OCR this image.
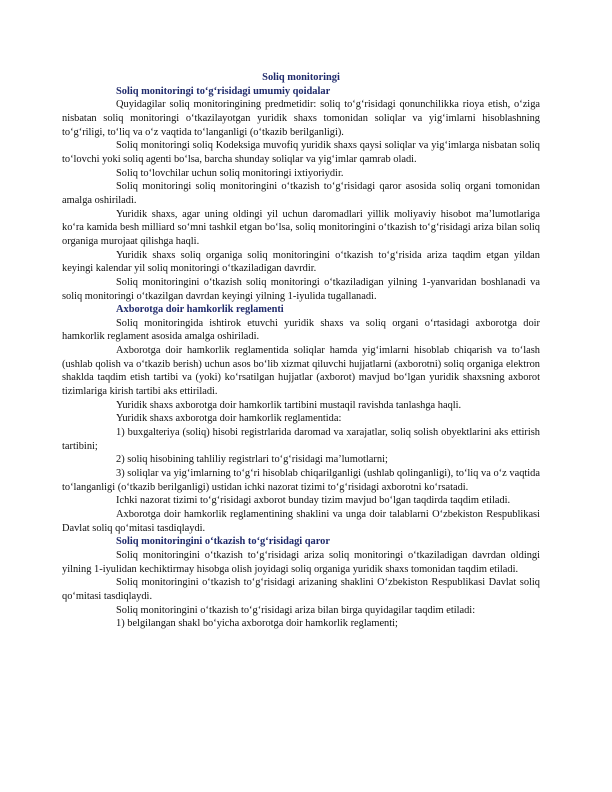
Soliq monitoringi
Soliq monitoringi to‘g‘risidagi umumiy qoidalar
Quyidagilar soliq monitoringining predmetidir: soliq to‘g‘risidagi qonunchilikka rioya etish, o‘ziga nisbatan soliq monitoringi o‘tkazilayotgan yuridik shaxs tomonidan soliqlar va yig‘imlarni hisoblashning to‘g‘riligi, to‘liq va o‘z vaqtida to‘langanligi (o‘tkazib berilganligi).
Soliq monitoringi soliq Kodeksiga muvofiq yuridik shaxs qaysi soliqlar va yig‘imlarga nisbatan soliq to‘lovchi yoki soliq agenti bo‘lsa, barcha shunday soliqlar va yig‘imlar qamrab oladi.
Soliq to‘lovchilar uchun soliq monitoringi ixtiyoriydir.
Soliq monitoringi soliq monitoringini o‘tkazish to‘g‘risidagi qaror asosida soliq organi tomonidan amalga oshiriladi.
Yuridik shaxs, agar uning oldingi yil uchun daromadlari yillik moliyaviy hisobot ma’lumotlariga ko‘ra kamida besh milliard so‘mni tashkil etgan bo‘lsa, soliq monitoringini o‘tkazish to‘g‘risidagi ariza bilan soliq organiga murojaat qilishga haqli.
Yuridik shaxs soliq organiga soliq monitoringini o‘tkazish to‘g‘risida ariza taqdim etgan yildan keyingi kalendar yil soliq monitoringi o‘tkaziladigan davrdir.
Soliq monitoringini o‘tkazish soliq monitoringi o‘tkaziladigan yilning 1-yanvaridan boshlanadi va soliq monitoringi o‘tkazilgan davrdan keyingi yilning 1-iyulida tugallanadi.
Axborotga doir hamkorlik reglamenti
Soliq monitoringida ishtirok etuvchi yuridik shaxs va soliq organi o‘rtasidagi axborotga doir hamkorlik reglament asosida amalga oshiriladi.
Axborotga doir hamkorlik reglamentida soliqlar hamda yig‘imlarni hisoblab chiqarish va to‘lash (ushlab qolish va o‘tkazib berish) uchun asos bo‘lib xizmat qiluvchi hujjatlarni (axborotni) soliq organiga elektron shaklda taqdim etish tartibi va (yoki) ko‘rsatilgan hujjatlar (axborot) mavjud bo‘lgan yuridik shaxsning axborot tizimlariga kirish tartibi aks ettiriladi.
Yuridik shaxs axborotga doir hamkorlik tartibini mustaqil ravishda tanlashga haqli.
Yuridik shaxs axborotga doir hamkorlik reglamentida:
1) buxgalteriya (soliq) hisobi registrlarida daromad va xarajatlar, soliq solish obyektlarini aks ettirish tartibini;
2) soliq hisobining tahliliy registrlari to‘g‘risidagi ma’lumotlarni;
3) soliqlar va yig‘imlarning to‘g‘ri hisoblab chiqarilganligi (ushlab qolinganligi), to‘liq va o‘z vaqtida to‘langanligi (o‘tkazib berilganligi) ustidan ichki nazorat tizimi to‘g‘risidagi axborotni ko‘rsatadi.
Ichki nazorat tizimi to‘g‘risidagi axborot bunday tizim mavjud bo‘lgan taqdirda taqdim etiladi.
Axborotga doir hamkorlik reglamentining shaklini va unga doir talablarni O‘zbekiston Respublikasi Davlat soliq qo‘mitasi tasdiqlaydi.
Soliq monitoringini o‘tkazish to‘g‘risidagi qaror
Soliq monitoringini o‘tkazish to‘g‘risidagi ariza soliq monitoringi o‘tkaziladigan davrdan oldingi yilning 1-iyulidan kechiktirmay hisobga olish joyidagi soliq organiga yuridik shaxs tomonidan taqdim etiladi.
Soliq monitoringini o‘tkazish to‘g‘risidagi arizaning shaklini O‘zbekiston Respublikasi Davlat soliq qo‘mitasi tasdiqlaydi.
Soliq monitoringini o‘tkazish to‘g‘risidagi ariza bilan birga quyidagilar taqdim etiladi:
1) belgilangan shakl bo‘yicha axborotga doir hamkorlik reglamenti;
